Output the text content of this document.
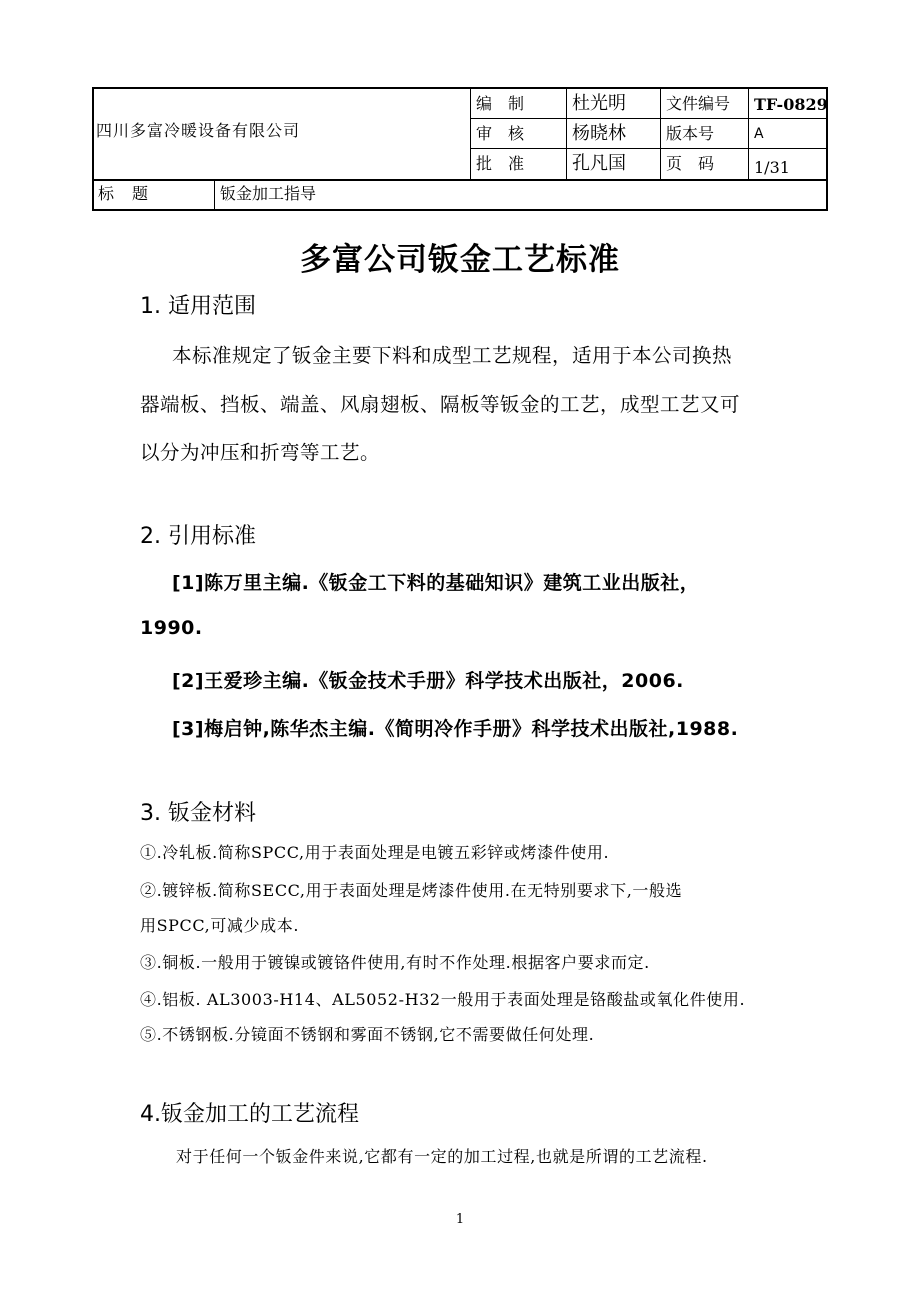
四川多富冷暖设备有限公司
编　制	杜光明	文件编号 TF-0829
审　核	杨晓林	版本号	A
批　准	孔凡国	页　码 1/31
标题	钣金加工指导
多富公司钣金工艺标准
1. 适用范围
本标准规定了钣金主要下料和成型工艺规程，适用于本公司换热
器端板、挡板、端盖、风扇翅板、隔板等钣金的工艺，成型工艺又可
以分为冲压和折弯等工艺。
2. 引用标准
[1]陈万里主编.《钣金工下料的基础知识》建筑工业出版社，
1990.
[2]王爱珍主编.《钣金技术手册》科学技术出版社，2006.
[3]梅启钟,陈华杰主编.《简明冷作手册》科学技术出版社,1988.
3. 钣金材料
①.冷轧板.简称SPCC,用于表面处理是电镀五彩锌或烤漆件使用.
②.镀锌板.简称SECC,用于表面处理是烤漆件使用.在无特别要求下,一般选
用SPCC,可减少成本.
③.铜板.一般用于镀镍或镀铬件使用,有时不作处理.根据客户要求而定.
④.铝板. AL3003-H14、AL5052-H32一般用于表面处理是铬酸盐或氧化件使用.
⑤.不锈钢板.分镜面不锈钢和雾面不锈钢,它不需要做任何处理.
4.钣金加工的工艺流程
对于任何一个钣金件来说,它都有一定的加工过程,也就是所谓的工艺流程.
1
